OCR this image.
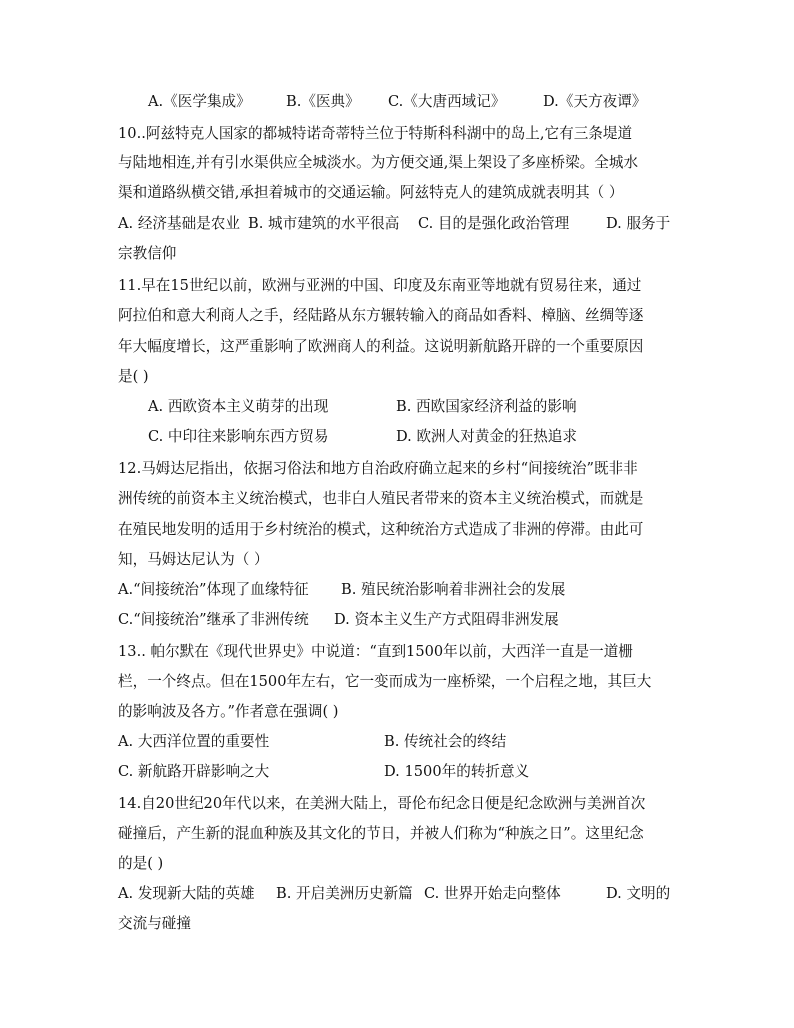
A.《医学集成》 B.《医典》 C.《大唐西域记》	D.《天方夜谭》
10..阿兹特克人国家的都城特诺奇蒂特兰位于特斯科科湖中的岛上,它有三条堤道
与陆地相连,并有引水渠供应全城淡水。为方便交通,渠上架设了多座桥梁。全城水
渠和道路纵横交错,承担着城市的交通运输。阿兹特克人的建筑成就表明其（ ）
A. 经济基础是农业 B. 城市建筑的水平很高 C. 目的是强化政治管理	D. 服务于
宗教信仰
11.早在15世纪以前，欧洲与亚洲的中国、印度及东南亚等地就有贸易往来，通过
阿拉伯和意大利商人之手，经陆路从东方辗转输入的商品如香料、樟脑、丝绸等逐
年大幅度增长，这严重影响了欧洲商人的利益。这说明新航路开辟的一个重要原因
是( )
A. 西欧资本主义萌芽的出现	B. 西欧国家经济利益的影响
C. 中印往来影响东西方贸易	D. 欧洲人对黄金的狂热追求
12.马姆达尼指出，依据习俗法和地方自治政府确立起来的乡村“间接统治”既非非
洲传统的前资本主义统治模式，也非白人殖民者带来的资本主义统治模式，而就是
在殖民地发明的适用于乡村统治的模式，这种统治方式造成了非洲的停滞。由此可
知，马姆达尼认为（ ）
A.“间接统治”体现了血缘特征 B. 殖民统治影响着非洲社会的发展
C.“间接统治”继承了非洲传统 D. 资本主义生产方式阻碍非洲发展
13.. 帕尔默在《现代世界史》中说道：“直到1500年以前，大西洋一直是一道栅
栏，一个终点。但在1500年左右，它一变而成为一座桥梁，一个启程之地，其巨大
的影响波及各方。”作者意在强调( )
A. 大西洋位置的重要性	B. 传统社会的终结
C. 新航路开辟影响之大	D. 1500年的转折意义
14.自20世纪20年代以来，在美洲大陆上，哥伦布纪念日便是纪念欧洲与美洲首次
碰撞后，产生新的混血种族及其文化的节日，并被人们称为“种族之日”。这里纪念
的是( )
A. 发现新大陆的英雄 B. 开启美洲历史新篇 C. 世界开始走向整体	D. 文明的
交流与碰撞
